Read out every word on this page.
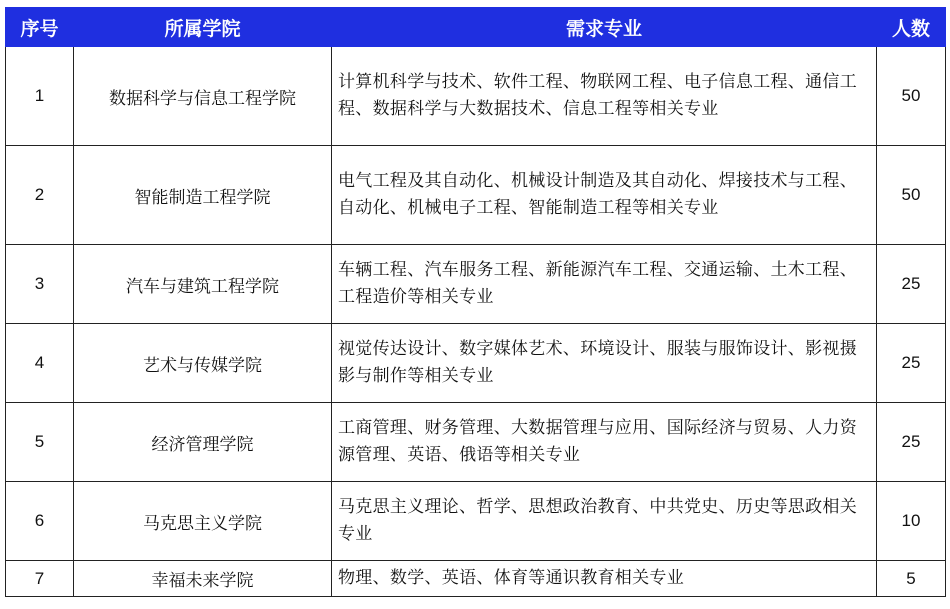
序号	所属学院	需求专业	人数
1	数据科学与信息工程学院	计算机科学与技术、软件工程、物联网工程、电子信息工程、通信工程、数据科学与大数据技术、信息工程等相关专业	50
2	智能制造工程学院	电气工程及其自动化、机械设计制造及其自动化、焊接技术与工程、自动化、机械电子工程、智能制造工程等相关专业	50
3	汽车与建筑工程学院	车辆工程、汽车服务工程、新能源汽车工程、交通运输、土木工程、工程造价等相关专业	25
4	艺术与传媒学院	视觉传达设计、数字媒体艺术、环境设计、服装与服饰设计、影视摄影与制作等相关专业	25
5	经济管理学院	工商管理、财务管理、大数据管理与应用、国际经济与贸易、人力资源管理、英语、俄语等相关专业	25
6	马克思主义学院	马克思主义理论、哲学、思想政治教育、中共党史、历史等思政相关专业	10
7	幸福未来学院	物理、数学、英语、体育等通识教育相关专业	5
